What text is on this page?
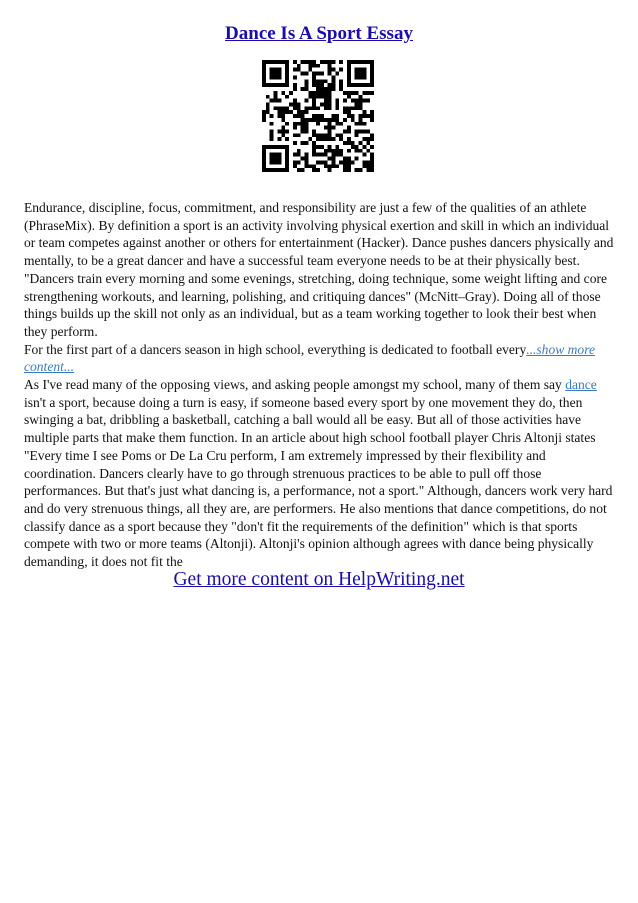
Dance Is A Sport Essay

Endurance, discipline, focus, commitment, and responsibility are just a few of the qualities of an athlete (PhraseMix). By definition a sport is an activity involving physical exertion and skill in which an individual or team competes against another or others for entertainment (Hacker). Dance pushes dancers physically and mentally, to be a great dancer and have a successful team everyone needs to be at their physically best. "Dancers train every morning and some evenings, stretching, doing technique, some weight lifting and core strengthening workouts, and learning, polishing, and critiquing dances" (McNitt–Gray). Doing all of those things builds up the skill not only as an individual, but as a team working together to look their best when they perform.

For the first part of a dancers season in high school, everything is dedicated to football every...show more content...

As I've read many of the opposing views, and asking people amongst my school, many of them say dance isn't a sport, because doing a turn is easy, if someone based every sport by one movement they do, then swinging a bat, dribbling a basketball, catching a ball would all be easy. But all of those activities have multiple parts that make them function. In an article about high school football player Chris Altonji states "Every time I see Poms or De La Cru perform, I am extremely impressed by their flexibility and coordination. Dancers clearly have to go through strenuous practices to be able to pull off those performances. But that's just what dancing is, a performance, not a sport." Although, dancers work very hard and do very strenuous things, all they are, are performers. He also mentions that dance competitions, do not classify dance as a sport because they "don't fit the requirements of the definition" which is that sports compete with two or more teams (Altonji). Altonji's opinion although agrees with dance being physically demanding, it does not fit the

Get more content on HelpWriting.net
